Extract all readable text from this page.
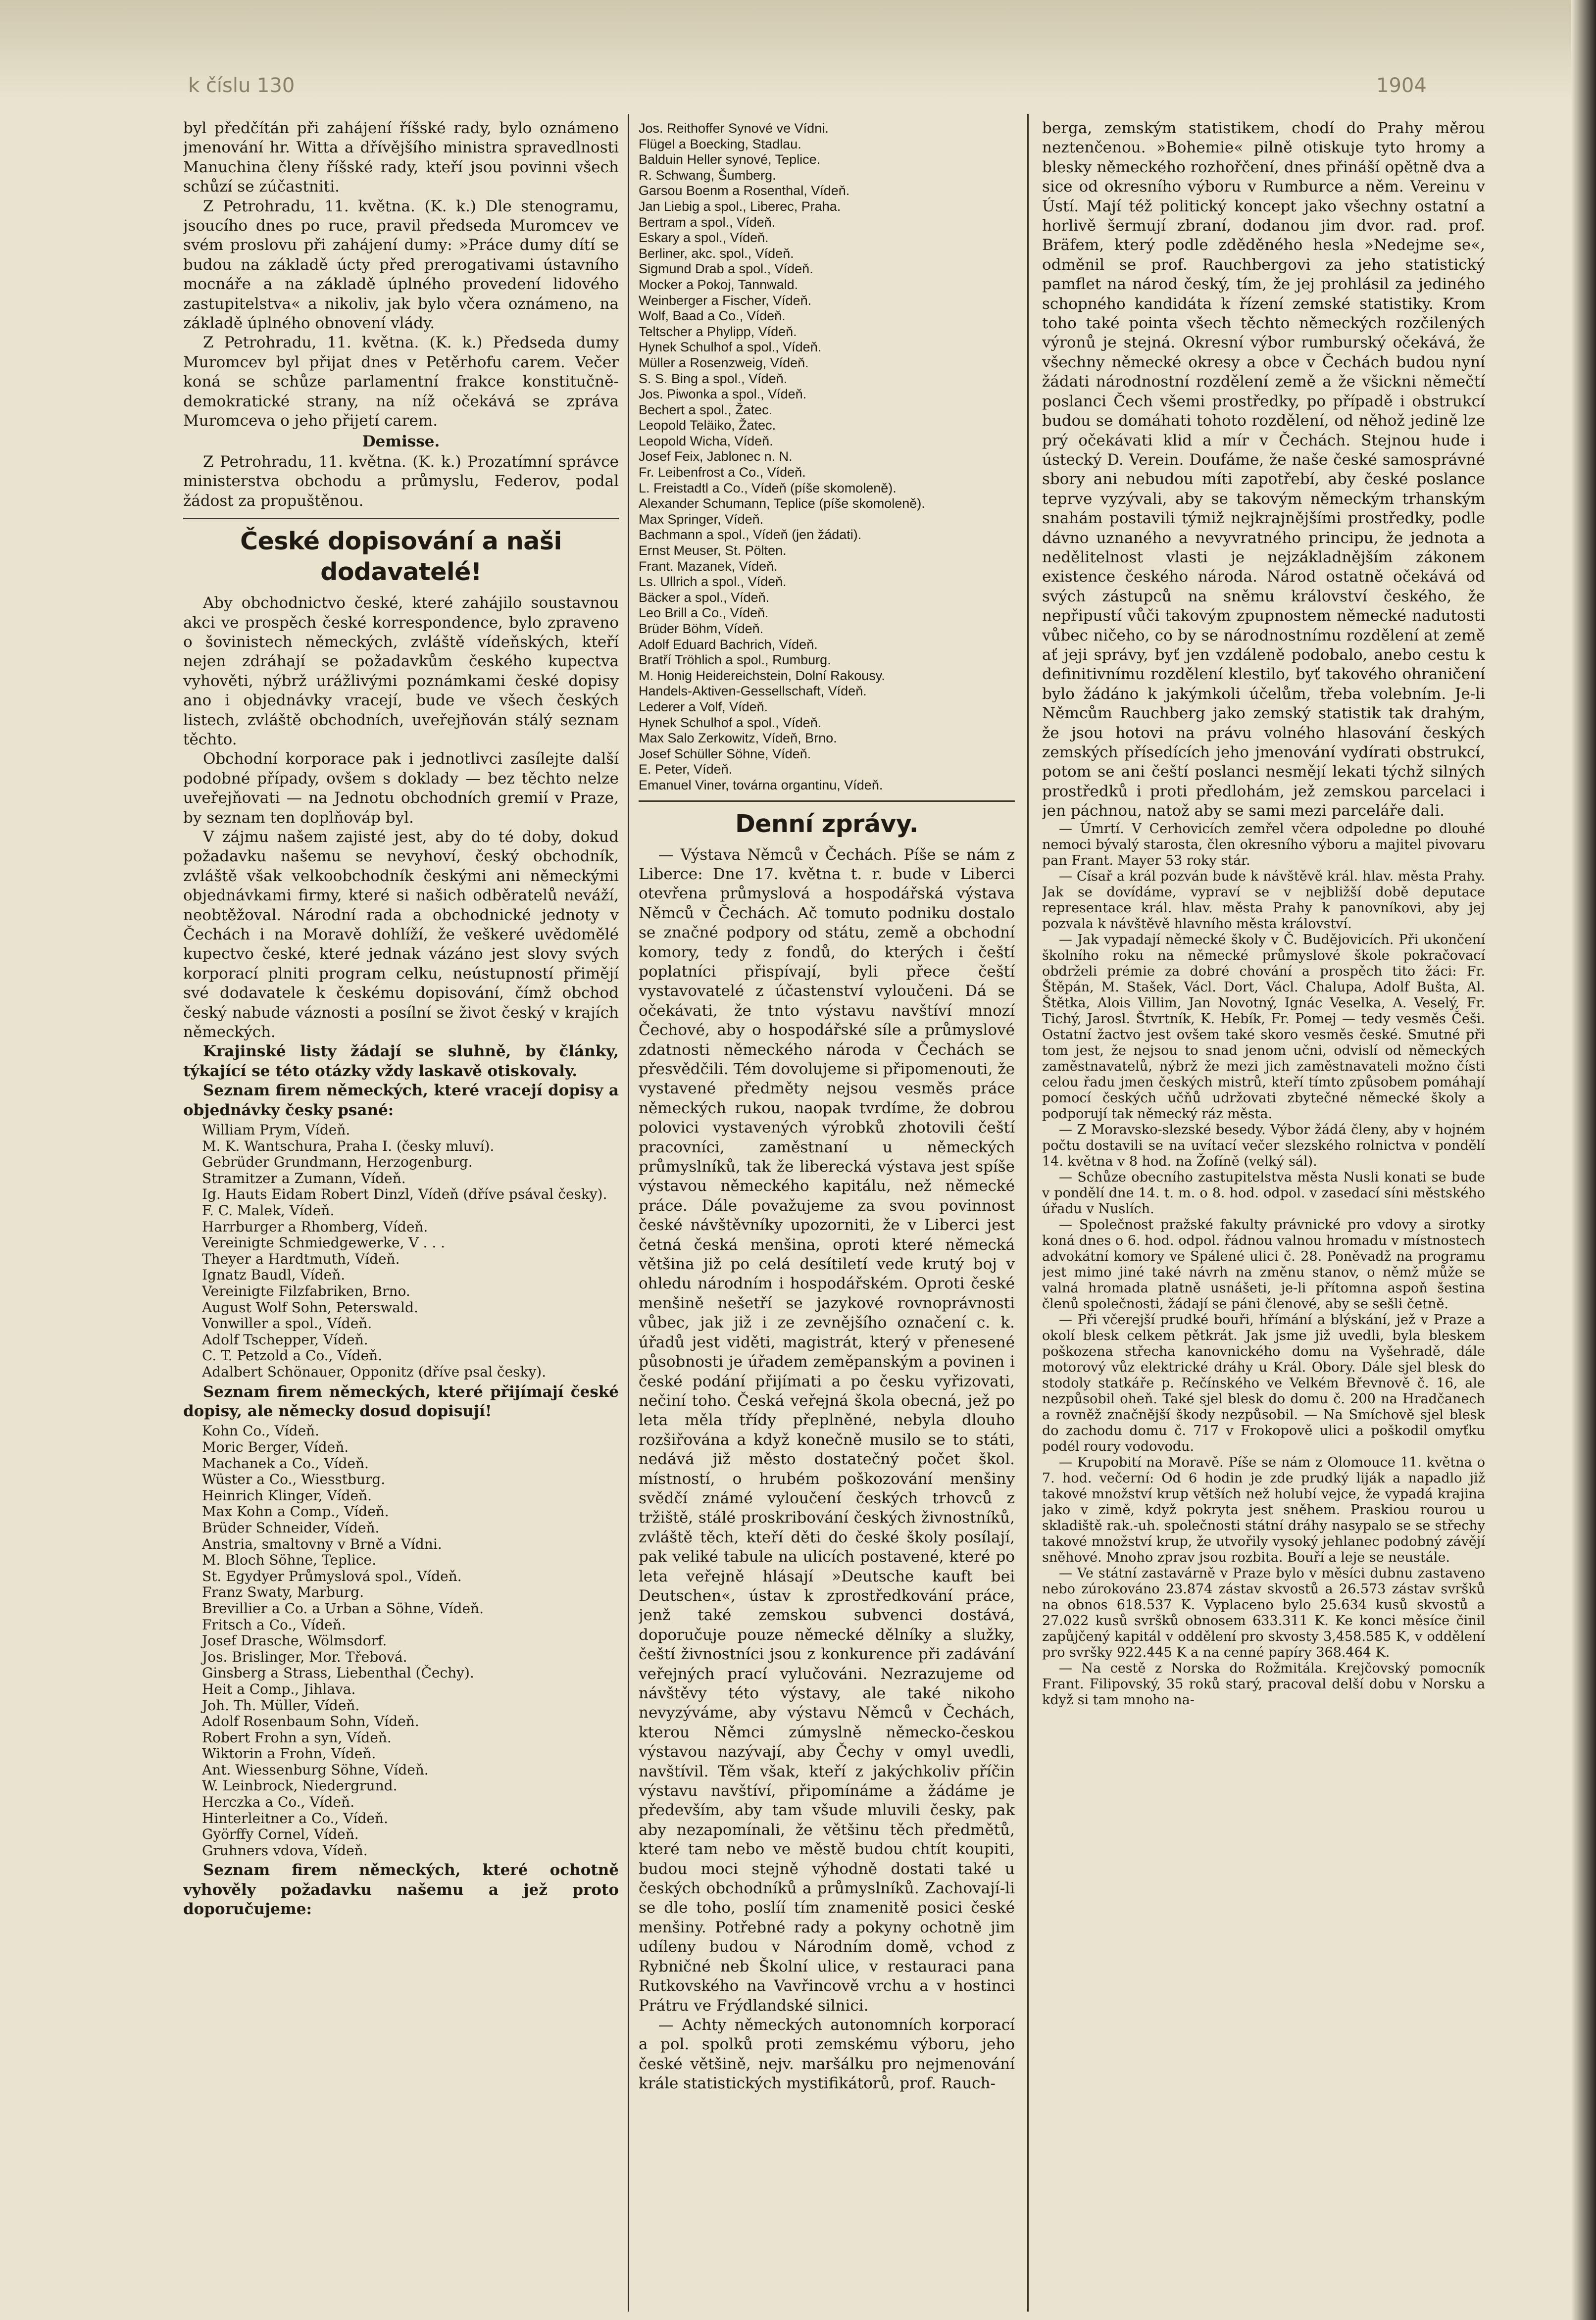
k číslu 130	1904

byl předčítán při zahájení říšské rady, bylo oznámeno jmenování hr. Witta a dřívějšího ministra spravedlnosti Manuchina členy říšské rady, kteří jsou povinni všech schůzí se zúčastniti.

Z Petrohradu, 11. května. (K. k.) Dle stenogramu, jsoucího dnes po ruce, pravil předseda Muromcev ve svém proslovu při zahájení dumy: »Práce dumy dítí se budou na základě úcty před prerogativami ústavního mocnáře a na základě úplného provedení lidového zastupitelstva« a nikoliv, jak bylo včera oznámeno, na základě úplného obnovení vlády.

Z Petrohradu, 11. května. (K. k.) Předseda dumy Muromcev byl přijat dnes v Petěrhofu carem. Večer koná se schůze parlamentní frakce konstitučně-demokratické strany, na níž očekává se zpráva Muromceva o jeho přijetí carem.

Demisse.

Z Petrohradu, 11. května. (K. k.) Prozatímní správce ministerstva obchodu a průmyslu, Federov, podal žádost za propuštěnou.

České dopisování a naši dodavatelé!

Aby obchodnictvo české, které zahájilo soustavnou akci ve prospěch české korrespondence, bylo zpraveno o šovinistech německých, zvláště vídeňských, kteří nejen zdráhají se požadavkům českého kupectva vyhověti, nýbrž urážlivými poznámkami české dopisy ano i objednávky vracejí, bude ve všech českých listech, zvláště obchodních, uveřejňován stálý seznam těchto.

Obchodní korporace pak i jednotlivci zasílejte další podobné případy, ovšem s doklady — bez těchto nelze uveřejňovati — na Jednotu obchodních gremií v Praze, by seznam ten doplňováp byl.

V zájmu našem zajisté jest, aby do té doby, dokud požadavku našemu se nevyhoví, český obchodník, zvláště však velkoobchodník českými ani německými objednávkami firmy, které si našich odběratelů neváží, neobtěžoval. Národní rada a obchodnické jednoty v Čechách i na Moravě dohlíží, že veškeré uvědomělé kupectvo české, které jednak vázáno jest slovy svých korporací plniti program celku, neústupností přimějí své dodavatele k českému dopisování, čímž obchod český nabude váznosti a posílní se život český v krajích německých.

Krajinské listy žádají se sluhně, by články, týkající se této otázky vždy laskavě otiskovaly.

Seznam firem německých, které vracejí dopisy a objednávky česky psané:

William Prym, Vídeň.
M. K. Wantschura, Praha I. (česky mluví).
Gebrüder Grundmann, Herzogenburg.
Stramitzer a Zumann, Vídeň.
Ig. Hauts Eidam Robert Dinzl, Vídeň (dříve psával česky).
F. C. Malek, Vídeň.
Harrburger a Rhomberg, Vídeň.
Vereinigte Schmiedgewerke, V . . .
Theyer a Hardtmuth, Vídeň.
Ignatz Baudl, Vídeň.
Vereinigte Filzfabriken, Brno.
August Wolf Sohn, Peterswald.
Vonwiller a spol., Vídeň.
Adolf Tschepper, Vídeň.
C. T. Petzold a Co., Vídeň.
Adalbert Schönauer, Opponitz (dříve psal česky).

Seznam firem německých, které přijímají české dopisy, ale německy dosud dopisují!

Kohn Co., Vídeň.
Moric Berger, Vídeň.
Machanek a Co., Vídeň.
Wüster a Co., Wiesstburg.
Heinrich Klinger, Vídeň.
Max Kohn a Comp., Vídeň.
Brüder Schneider, Vídeň.
Anstria, smaltovny v Brně a Vídni.
M. Bloch Söhne, Teplice.
St. Egydyer Průmyslová spol., Vídeň.
Franz Swaty, Marburg.
Brevillier a Co. a Urban a Söhne, Vídeň.
Fritsch a Co., Vídeň.
Josef Drasche, Wölmsdorf.
Jos. Brislinger, Mor. Třebová.
Ginsberg a Strass, Liebenthal (Čechy).
Heit a Comp., Jihlava.
Joh. Th. Müller, Vídeň.
Adolf Rosenbaum Sohn, Vídeň.
Robert Frohn a syn, Vídeň.
Wiktorin a Frohn, Vídeň.
Ant. Wiessenburg Söhne, Vídeň.
W. Leinbrock, Niedergrund.
Herczka a Co., Vídeň.
Hinterleitner a Co., Vídeň.
Györffy Cornel, Vídeň.
Gruhners vdova, Vídeň.

Seznam firem německých, které ochotně vyhověly požadavku našemu a jež proto doporučujeme:

Jos. Reithoffer Synové ve Vídni.
Flügel a Boecking, Stadlau.
Balduin Heller synové, Teplice.
R. Schwang, Šumberg.
Garsou Boenm a Rosenthal, Vídeň.
Jan Liebig a spol., Liberec, Praha.
Bertram a spol., Vídeň.
Eskary a spol., Vídeň.
Berliner, akc. spol., Vídeň.
Sigmund Drab a spol., Vídeň.
Mocker a Pokoj, Tannwald.
Weinberger a Fischer, Vídeň.
Wolf, Baad a Co., Vídeň.
Teltscher a Phylipp, Vídeň.
Hynek Schulhof a spol., Vídeň.
Müller a Rosenzweig, Vídeň.
S. S. Bing a spol., Vídeň.
Jos. Piwonka a spol., Vídeň.
Bechert a spol., Žatec.
Leopold Teläiko, Žatec.
Leopold Wicha, Vídeň.
Josef Feix, Jablonec n. N.
Fr. Leibenfrost a Co., Vídeň.
L. Freistadtl a Co., Vídeň (píše skomoleně).
Alexander Schumann, Teplice (píše skomoleně).
Max Springer, Vídeň.
Bachmann a spol., Vídeň (jen žádati).
Ernst Meuser, St. Pölten.
Frant. Mazanek, Vídeň.
Ls. Ullrich a spol., Vídeň.
Bäcker a spol., Vídeň.
Leo Brill a Co., Vídeň.
Brüder Böhm, Vídeň.
Adolf Eduard Bachrich, Vídeň.
Bratří Tröhlich a spol., Rumburg.
M. Honig Heidereichstein, Dolní Rakousy.
Handels-Aktiven-Gessellschaft, Vídeň.
Lederer a Volf, Vídeň.
Hynek Schulhof a spol., Vídeň.
Max Salo Zerkowitz, Vídeň, Brno.
Josef Schüller Söhne, Vídeň.
E. Peter, Vídeň.
Emanuel Viner, továrna organtinu, Vídeň.
Denní zprávy.

— Výstava Němců v Čechách. Píše se nám z Liberce: Dne 17. května t. r. bude v Liberci otevřena průmyslová a hospodářská výstava Němců v Čechách. Ač tomuto podniku dostalo se značné podpory od státu, země a obchodní komory, tedy z fondů, do kterých i čeští poplatníci přispívají, byli přece čeští vystavovatelé z účastenství vyloučeni. Dá se očekávati, že tnto výstavu navštíví mnozí Čechové, aby o hospodářské síle a průmyslové zdatnosti německého národa v Čechách se přesvědčili. Tém dovolujeme si připomenouti, že vystavené předměty nejsou vesměs práce německých rukou, naopak tvrdíme, že dobrou polovici vystavených výrobků zhotovili čeští pracovníci, zaměstnaní u německých průmyslníků, tak že liberecká výstava jest spíše výstavou německého kapitálu, než německé práce. Dále považujeme za svou povinnost české návštěvníky upozorniti, že v Liberci jest četná česká menšina, oproti které německá většina již po celá desítiletí vede krutý boj v ohledu národním i hospodářském. Oproti české menšině nešetří se jazykové rovnoprávnosti vůbec, jak již i ze zevnějšího označení c. k. úřadů jest viděti, magistrát, který v přenesené působnosti je úřadem zeměpanským a povinen i české podání přijímati a po česku vyřizovati, nečiní toho. Česká veřejná škola obecná, jež po leta měla třídy přeplněné, nebyla dlouho rozšiřována a když konečně musilo se to státi, nedává již město dostatečný počet škol. místností, o hrubém poškozování menšiny svědčí známé vyloučení českých trhovců z tržiště, stálé proskribování českých živnostníků, zvláště těch, kteří děti do české školy posílají, pak veliké tabule na ulicích postavené, které po leta veřejně hlásají »Deutsche kauft bei Deutschen«, ústav k zprostředkování práce, jenž také zemskou subvenci dostává, doporučuje pouze německé dělníky a služky, čeští živnostníci jsou z konkurence při zadávání veřejných prací vylučováni. Nezrazujeme od návštěvy této výstavy, ale také nikoho nevyzýváme, aby výstavu Němců v Čechách, kterou Němci zúmyslně německo-českou výstavou nazývají, aby Čechy v omyl uvedli, navštívil. Těm však, kteří z jakýchkoliv příčin výstavu navštíví, připomínáme a žádáme je především, aby tam všude mluvili česky, pak aby nezapomínali, že většinu těch předmětů, které tam nebo ve městě budou chtít koupiti, budou moci stejně výhodně dostati také u českých obchodníků a průmyslníků. Zachovají-li se dle toho, poslíí tím znamenitě posici české menšiny. Potřebné rady a pokyny ochotně jim udíleny budou v Národním domě, vchod z Rybničné neb Školní ulice, v restauraci pana Rutkovského na Vavřincově vrchu a v hostinci Prátru ve Frýdlandské silnici.

— Achty německých autonomních korporací a pol. spolků proti zemskému výboru, jeho české většině, nejv. maršálku pro nejmenování krále statistických mystifikátorů, prof. Rauch-

berga, zemským statistikem, chodí do Prahy měrou neztenčenou. »Bohemie« pilně otiskuje tyto hromy a blesky německého rozhořčení, dnes přináší opětně dva a sice od okresního výboru v Rumburce a něm. Vereinu v Ústí. Mají též politický koncept jako všechny ostatní a horlivě šermují zbraní, dodanou jim dvor. rad. prof. Bräfem, který podle zděděného hesla »Nedejme se«, odměnil se prof. Rauchbergovi za jeho statistický pamflet na národ český, tím, že jej prohlásil za jediného schopného kandidáta k řízení zemské statistiky. Krom toho také pointa všech těchto německých rozčilených výronů je stejná. Okresní výbor rumburský očekává, že všechny německé okresy a obce v Čechách budou nyní žádati národnostní rozdělení země a že všickni němečtí poslanci Čech všemi prostředky, po případě i obstrukcí budou se domáhati tohoto rozdělení, od něhož jedině lze prý očekávati klid a mír v Čechách. Stejnou hude i ústecký D. Verein. Doufáme, že naše české samosprávné sbory ani nebudou míti zapotřebí, aby české poslance teprve vyzývali, aby se takovým německým trhanským snahám postavili týmiž nejkrajnějšími prostředky, podle dávno uznaného a nevyvratného principu, že jednota a nedělitelnost vlasti je nejzákladnějším zákonem existence českého národa. Národ ostatně očekává od svých zástupců na sněmu království českého, že nepřipustí vůči takovým zpupnostem německé nadutosti vůbec ničeho, co by se národnostnímu rozdělení at země ať jeji správy, byť jen vzdáleně podobalo, anebo cestu k definitivnímu rozdělení klestilo, byť takového ohraničení bylo žádáno k jakýmkoli účelům, třeba volebním. Je-li Němcům Rauchberg jako zemský statistik tak drahým, že jsou hotovi na právu volného hlasování českých zemských přísedících jeho jmenování vydírati obstrukcí, potom se ani čeští poslanci nesmějí lekati týchž silných prostředků i proti předlohám, jež zemskou parcelaci i jen páchnou, natož aby se sami mezi parceláře dali.

— Úmrtí. V Cerhovicích zemřel včera odpoledne po dlouhé nemoci bývalý starosta, člen okresního výboru a majitel pivovaru pan Frant. Mayer 53 roky stár.

— Císař a král pozván bude k návštěvě král. hlav. města Prahy. Jak se dovídáme, vypraví se v nejbližší době deputace representace král. hlav. města Prahy k panovníkovi, aby jej pozvala k návštěvě hlavního města království.

— Jak vypadají německé školy v Č. Budějovicích. Při ukončení školního roku na německé průmyslové škole pokračovací obdrželi prémie za dobré chování a prospěch tito žáci: Fr. Štěpán, M. Stašek, Václ. Dort, Václ. Chalupa, Adolf Bušta, Al. Štětka, Alois Villim, Jan Novotný, Ignác Veselka, A. Veselý, Fr. Tichý, Jarosl. Štvrtník, K. Hebík, Fr. Pomej — tedy vesměs Češi. Ostatní žactvo jest ovšem také skoro vesměs české. Smutné při tom jest, že nejsou to snad jenom učni, odvislí od německých zaměstnavatelů, nýbrž že mezi jich zaměstnavateli možno čísti celou řadu jmen českých mistrů, kteří tímto způsobem pomáhají pomocí českých učňů udržovati zbytečné německé školy a podporují tak německý ráz města.

— Z Moravsko-slezské besedy. Výbor žádá členy, aby v hojném počtu dostavili se na uvítací večer slezského rolnictva v pondělí 14. května v 8 hod. na Žofíně (velký sál).

— Schůze obecního zastupitelstva města Nusli konati se bude v pondělí dne 14. t. m. o 8. hod. odpol. v zasedací síni městského úřadu v Nuslích.

— Společnost pražské fakulty právnické pro vdovy a sirotky koná dnes o 6. hod. odpol. řádnou valnou hromadu v místnostech advokátní komory ve Spálené ulici č. 28. Poněvadž na programu jest mimo jiné také návrh na změnu stanov, o němž může se valná hromada platně usnášeti, je-li přítomna aspoň šestina členů společnosti, žádají se páni členové, aby se sešli četně.

— Při včerejší prudké bouři, hřímání a blýskání, jež v Praze a okolí blesk celkem pětkrát. Jak jsme již uvedli, byla bleskem poškozena střecha kanovnického domu na Vyšehradě, dále motorový vůz elektrické dráhy u Král. Obory. Dále sjel blesk do stodoly statkáře p. Rečínského ve Velkém Břevnově č. 16, ale nezpůsobil oheň. Také sjel blesk do domu č. 200 na Hradčanech a rovněž značnější škody nezpůsobil. — Na Smíchově sjel blesk do zachodu domu č. 717 v Frokopově ulici a poškodil omyťku podél roury vodovodu.

— Krupobití na Moravě. Píše se nám z Olomouce 11. května o 7. hod. večerní: Od 6 hodin je zde prudký liják a napadlo již takové množství krup větších než holubí vejce, že vypadá krajina jako v zimě, když pokryta jest sněhem. Praskiou rourou u skladiště rak.-uh. společnosti státní dráhy nasypalo se se střechy takové množství krup, že utvořily vysoký jehlanec podobný závějí sněhové. Mnoho zprav jsou rozbita. Bouří a leje se neustále.

— Ve státní zastavárně v Praze bylo v měsíci dubnu zastaveno nebo zúrokováno 23.874 zástav skvostů a 26.573 zástav svršků na obnos 618.537 K. Vyplaceno bylo 25.634 kusů skvostů a 27.022 kusů svršků obnosem 633.311 K. Ke konci měsíce činil zapůjčený kapitál v oddělení pro skvosty 3,458.585 K, v oddělení pro svršky 922.445 K a na cenné papíry 368.464 K.

— Na cestě z Norska do Rožmitála. Krejčovský pomocník Frant. Filipovský, 35 roků starý, pracoval delší dobu v Norsku a když si tam mnoho na-
